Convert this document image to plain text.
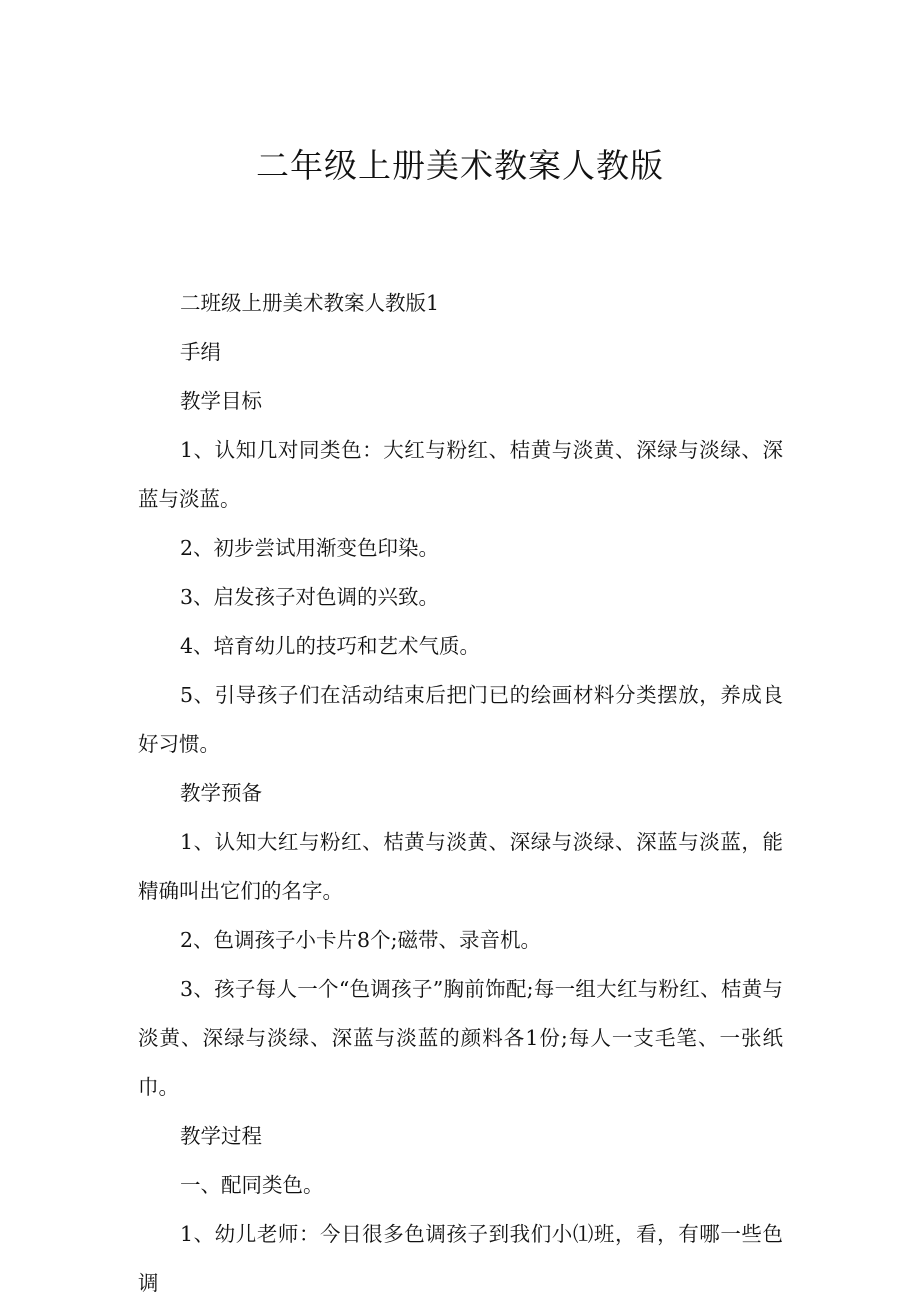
二年级上册美术教案人教版

二班级上册美术教案人教版1

手绢

教学目标

1、认知几对同类色：大红与粉红、桔黄与淡黄、深绿与淡绿、深蓝与淡蓝。

2、初步尝试用渐变色印染。

3、启发孩子对色调的兴致。

4、培育幼儿的技巧和艺术气质。

5、引导孩子们在活动结束后把门已的绘画材料分类摆放，养成良好习惯。

教学预备

1、认知大红与粉红、桔黄与淡黄、深绿与淡绿、深蓝与淡蓝，能精确叫出它们的名字。

2、色调孩子小卡片8个;磁带、录音机。

3、孩子每人一个“色调孩子”胸前饰配;每一组大红与粉红、桔黄与淡黄、深绿与淡绿、深蓝与淡蓝的颜料各1份;每人一支毛笔、一张纸巾。

教学过程

一、配同类色。

1、幼儿老师：今日很多色调孩子到我们小⑴班，看，有哪一些色调
